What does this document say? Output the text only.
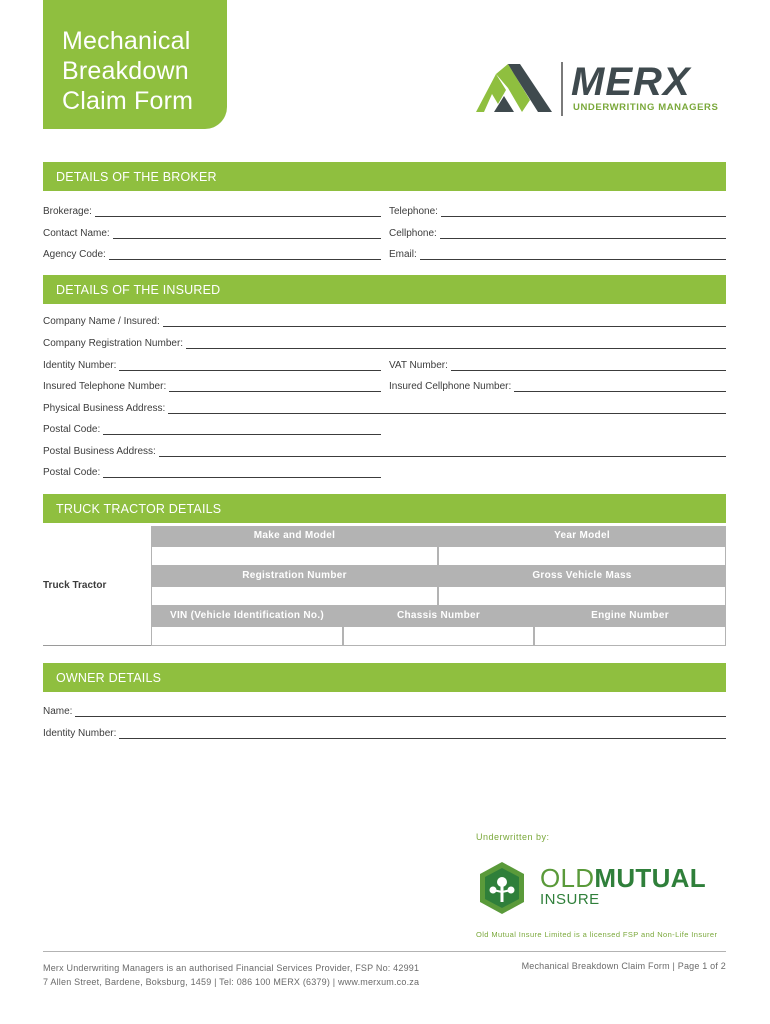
Mechanical
Breakdown
Claim Form	MERX
UNDERWRITING MANAGERS
DETAILS OF THE BROKER
Brokerage:	Telephone:
Contact Name:	Cellphone:
Agency Code:	Email:
DETAILS OF THE INSURED
Company Name / Insured:
Company Registration Number:
Identity Number:	VAT Number:
Insured Telephone Number:	Insured Cellphone Number:
Physical Business Address:
Postal Code:
Postal Business Address:
Postal Code:
TRUCK TRACTOR DETAILS
Truck Tractor
Make and Model	Year Model
Registration Number	Gross Vehicle Mass
VIN (Vehicle Identification No.)	Chassis Number	Engine Number
OWNER DETAILS
Name:
Identity Number:
Underwritten by:
OLDMUTUAL
INSURE
Old Mutual Insure Limited is a licensed FSP and Non-Life Insurer
Merx Underwriting Managers is an authorised Financial Services Provider, FSP No: 42991
7 Allen Street, Bardene, Boksburg, 1459 | Tel: 086 100 MERX (6379) | www.merxum.co.za
Mechanical Breakdown Claim Form | Page 1 of 2
